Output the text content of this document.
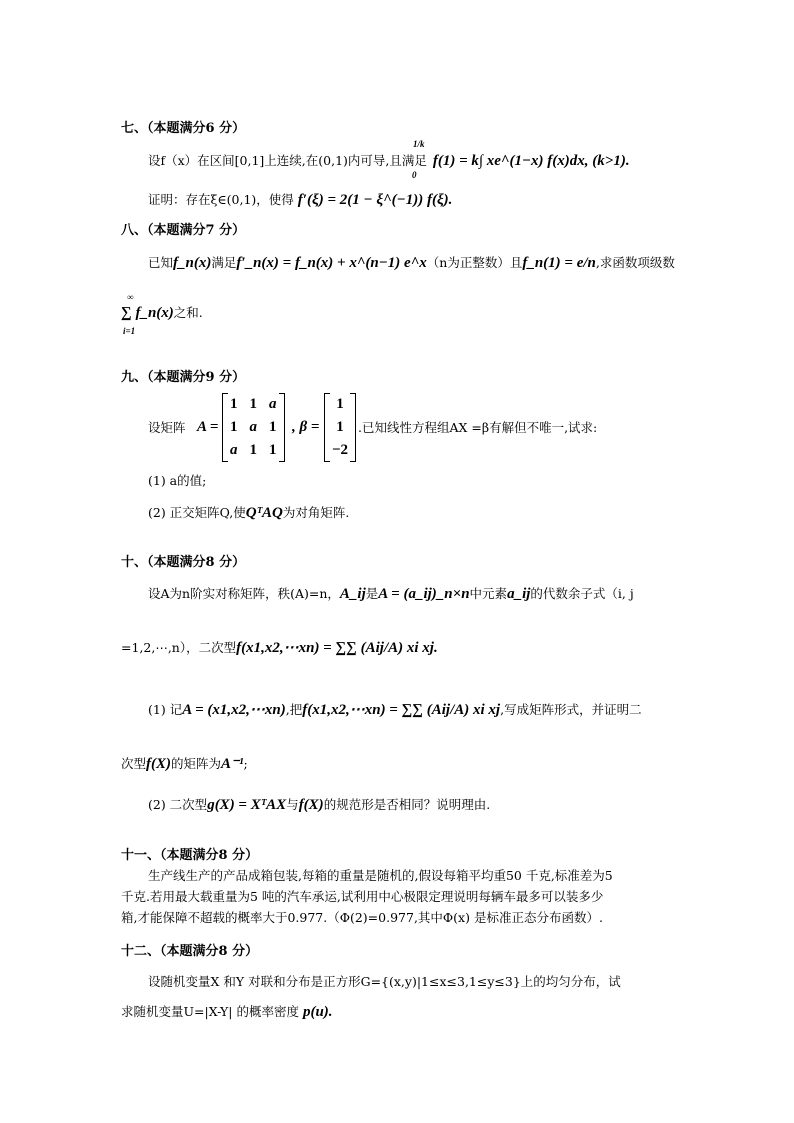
七、（本题满分6 分）
设f（x）在区间[0,1]上连续,在(0,1)内可导,且满足 f(1) = k∫ xe^(1−x) f(x)dx, (k>1).
1/k
0
证明：存在ξ∈(0,1)，使得 f′(ξ) = 2(1 − ξ^(−1)) f(ξ).
八、（本题满分7 分）
已知f_n(x)满足f′_n(x) = f_n(x) + x^(n−1) e^x（n为正整数）且f_n(1) = e/n,求函数项级数
∞
i=1
∑ f_n(x)之和.
九、（本题满分9 分）
设矩阵 A =
1	1	a
1	a	1
a	1	1
, β =
1
1
−2
.已知线性方程组AX =β有解但不唯一,试求:
(1) a的值;
(2) 正交矩阵Q,使QᵀAQ为对角矩阵.
十、（本题满分8 分）
设A为n阶实对称矩阵，秩(A)=n，A_ij是A = (a_ij)_n×n中元素a_ij的代数余子式（i, j
=1,2,⋯,n），二次型f(x1,x2,⋯xn) = ∑∑ (Aij/A) xi xj.
(1) 记A = (x1,x2,⋯xn),把f(x1,x2,⋯xn) = ∑∑ (Aij/A) xi xj,写成矩阵形式，并证明二
次型f(X)的矩阵为A⁻¹;
(2) 二次型g(X) = XᵀAX与f(X)的规范形是否相同？说明理由.
十一、（本题满分8 分）
生产线生产的产品成箱包装,每箱的重量是随机的,假设每箱平均重50 千克,标准差为5
千克.若用最大载重量为5 吨的汽车承运,试利用中心极限定理说明每辆车最多可以装多少
箱,才能保障不超载的概率大于0.977.（Φ(2)=0.977,其中Φ(x) 是标准正态分布函数）.
十二、（本题满分8 分）
设随机变量X 和Y 对联和分布是正方形G={(x,y)|1≤x≤3,1≤y≤3}上的均匀分布，试
求随机变量U=|X-Y| 的概率密度 p(u).
